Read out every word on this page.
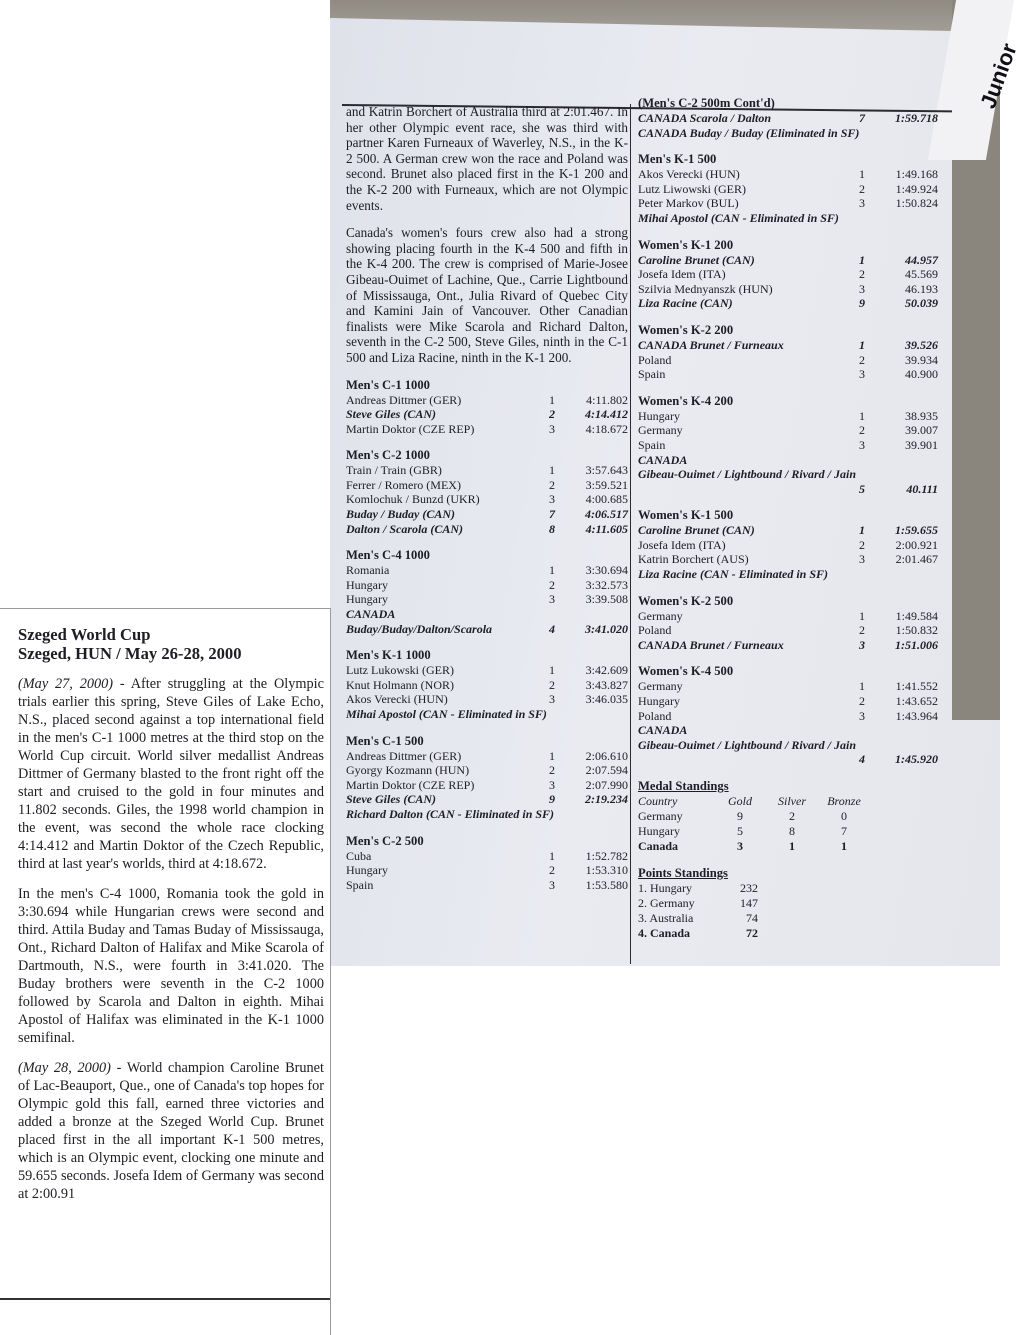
Junior

and Katrin Borchert of Australia third at 2:01.467. In her other Olympic event race, she was third with partner Karen Furneaux of Waverley, N.S., in the K-2 500. A German crew won the race and Poland was second. Brunet also placed first in the K-1 200 and the K-2 200 with Furneaux, which are not Olympic events.

Canada's women's fours crew also had a strong showing placing fourth in the K-4 500 and fifth in the K-4 200. The crew is comprised of Marie-Josee Gibeau-Ouimet of Lachine, Que., Carrie Lightbound of Mississauga, Ont., Julia Rivard of Quebec City and Kamini Jain of Vancouver. Other Canadian finalists were Mike Scarola and Richard Dalton, seventh in the C-2 500, Steve Giles, ninth in the C-1 500 and Liza Racine, ninth in the K-1 200.

Men's C-1 1000
Andreas Dittmer (GER)	1	4:11.802
Steve Giles (CAN)	2	4:14.412
Martin Doktor (CZE REP)	3	4:18.672
Men's C-2 1000
Train / Train (GBR)	1	3:57.643
Ferrer / Romero (MEX)	2	3:59.521
Komlochuk / Bunzd (UKR)	3	4:00.685
Buday / Buday (CAN)	7	4:06.517
Dalton / Scarola (CAN)	8	4:11.605
Men's C-4 1000
Romania	1	3:30.694
Hungary	2	3:32.573
Hungary	3	3:39.508
CANADA
Buday/Buday/Dalton/Scarola	4	3:41.020
Men's K-1 1000
Lutz Lukowski (GER)	1	3:42.609
Knut Holmann (NOR)	2	3:43.827
Akos Verecki (HUN)	3	3:46.035
Mihai Apostol (CAN - Eliminated in SF)
Men's C-1 500
Andreas Dittmer (GER)	1	2:06.610
Gyorgy Kozmann (HUN)	2	2:07.594
Martin Doktor (CZE REP)	3	2:07.990
Steve Giles (CAN)	9	2:19.234
Richard Dalton (CAN - Eliminated in SF)
Men's C-2 500
Cuba	1	1:52.782
Hungary	2	1:53.310
Spain	3	1:53.580
(Men's C-2 500m Cont'd)
CANADA Scarola / Dalton	7	1:59.718
CANADA Buday / Buday (Eliminated in SF)
Men's K-1 500
Akos Verecki (HUN)	1	1:49.168
Lutz Liwowski (GER)	2	1:49.924
Peter Markov (BUL)	3	1:50.824
Mihai Apostol (CAN - Eliminated in SF)
Women's K-1 200
Caroline Brunet (CAN)	1	44.957
Josefa Idem (ITA)	2	45.569
Szilvia Mednyanszk (HUN)	3	46.193
Liza Racine (CAN)	9	50.039
Women's K-2 200
CANADA Brunet / Furneaux	1	39.526
Poland	2	39.934
Spain	3	40.900
Women's K-4 200
Hungary	1	38.935
Germany	2	39.007
Spain	3	39.901
CANADA
Gibeau-Ouimet / Lightbound / Rivard / Jain
5	40.111
Women's K-1 500
Caroline Brunet (CAN)	1	1:59.655
Josefa Idem (ITA)	2	2:00.921
Katrin Borchert (AUS)	3	2:01.467
Liza Racine (CAN - Eliminated in SF)
Women's K-2 500
Germany	1	1:49.584
Poland	2	1:50.832
CANADA Brunet / Furneaux	3	1:51.006
Women's K-4 500
Germany	1	1:41.552
Hungary	2	1:43.652
Poland	3	1:43.964
CANADA
Gibeau-Ouimet / Lightbound / Rivard / Jain
4	1:45.920
Medal Standings
Country	Gold	Silver	Bronze
Germany	9	2	0
Hungary	5	8	7
Canada	3	1	1
Points Standings
1. Hungary	232
2. Germany	147
3. Australia	74
4. Canada	72

Szeged World Cup

Szeged, HUN / May 26-28, 2000

(May 27, 2000) - After struggling at the Olympic trials earlier this spring, Steve Giles of Lake Echo, N.S., placed second against a top international field in the men's C-1 1000 metres at the third stop on the World Cup circuit. World silver medallist Andreas Dittmer of Germany blasted to the front right off the start and cruised to the gold in four minutes and 11.802 seconds. Giles, the 1998 world champion in the event, was second the whole race clocking 4:14.412 and Martin Doktor of the Czech Republic, third at last year's worlds, third at 4:18.672.

In the men's C-4 1000, Romania took the gold in 3:30.694 while Hungarian crews were second and third. Attila Buday and Tamas Buday of Mississauga, Ont., Richard Dalton of Halifax and Mike Scarola of Dartmouth, N.S., were fourth in 3:41.020. The Buday brothers were seventh in the C-2 1000 followed by Scarola and Dalton in eighth. Mihai Apostol of Halifax was eliminated in the K-1 1000 semifinal.

(May 28, 2000) - World champion Caroline Brunet of Lac-Beauport, Que., one of Canada's top hopes for Olympic gold this fall, earned three victories and added a bronze at the Szeged World Cup. Brunet placed first in the all important K-1 500 metres, which is an Olympic event, clocking one minute and 59.655 seconds. Josefa Idem of Germany was second at 2:00.91
